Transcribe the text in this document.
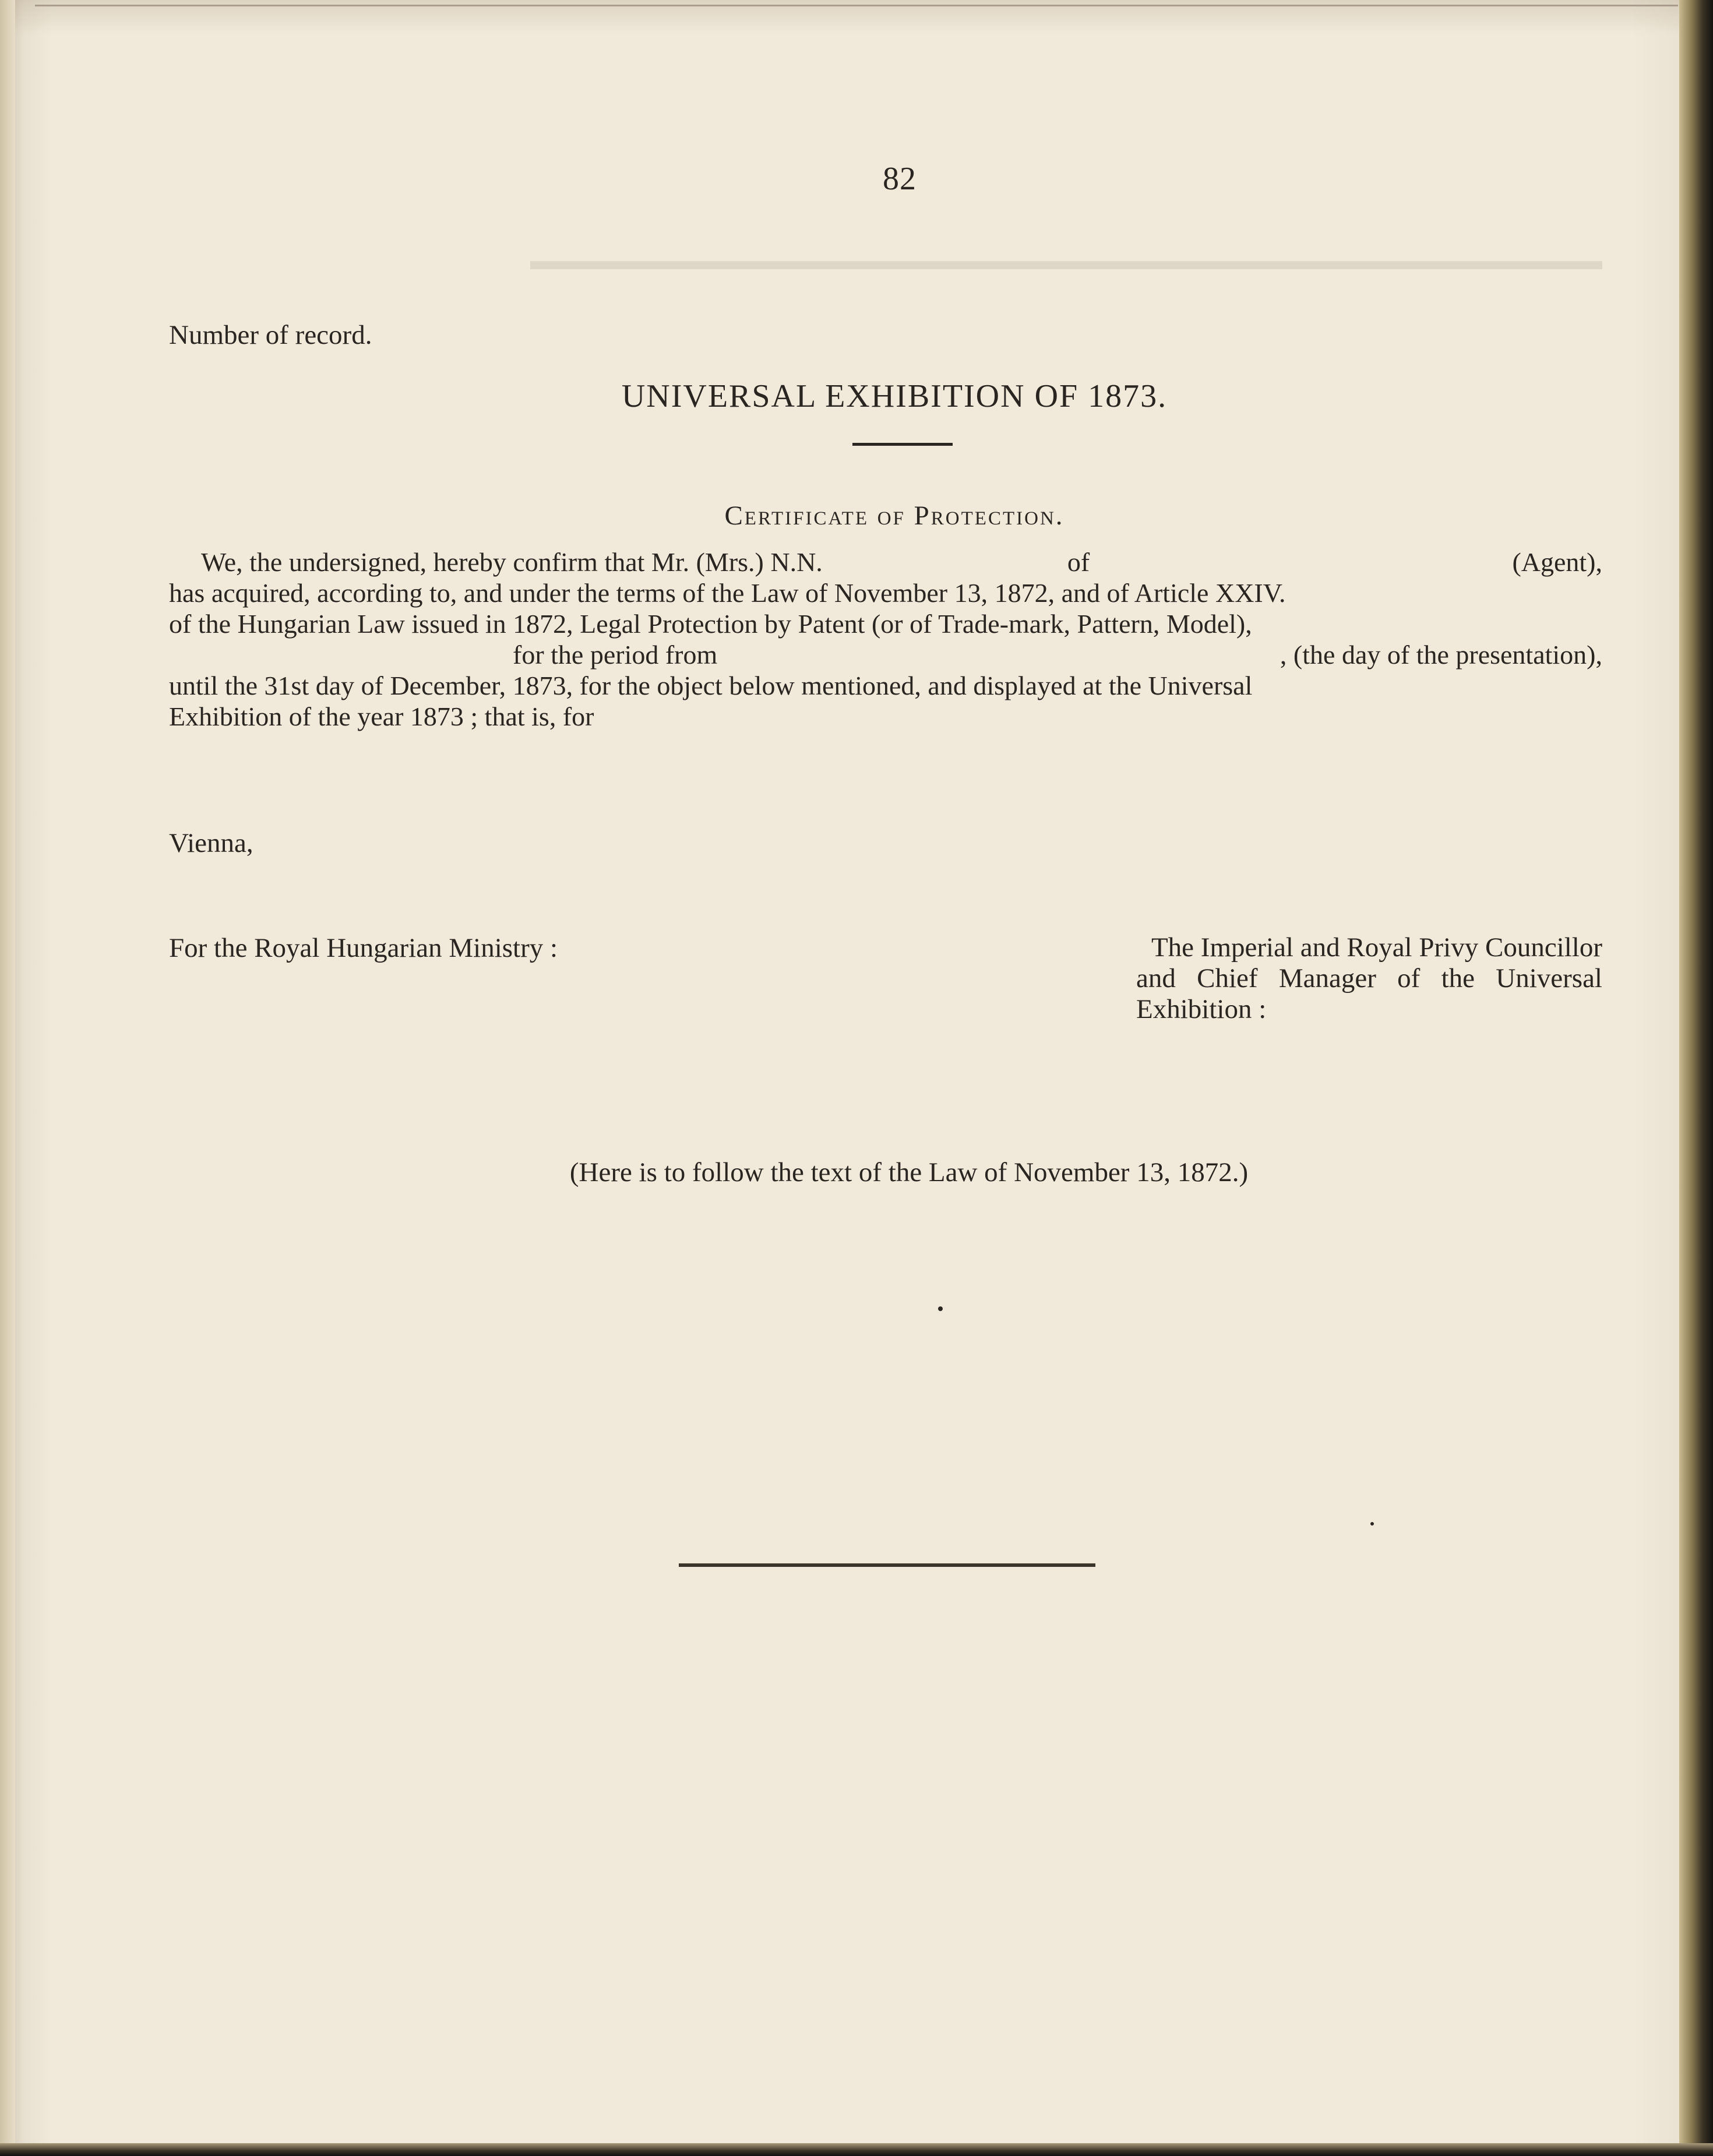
▬▬▬▬▬▬▬▬▬▬▬▬▬▬▬▬▬▬▬▬▬▬▬▬▬▬▬▬▬▬▬▬▬▬▬▬▬▬▬▬
82
Number of record.
UNIVERSAL EXHIBITION OF 1873.
Certificate of Protection.
We, the undersigned, hereby confirm that Mr. (Mrs.) N.N.	of	(Agent),
has acquired, according to, and under the terms of the Law of November 13, 1872, and of Article XXIV.
of the Hungarian Law issued in 1872, Legal Protection by Patent (or of Trade-mark, Pattern, Model),
for the period from	, (the day of the presentation),
until the 31st day of December, 1873, for the object below mentioned, and displayed at the Universal
Exhibition of the year 1873 ; that is, for
Vienna,
For the Royal Hungarian Ministry :	The Imperial and Royal Privy Councillor
and Chief Manager of the Universal
Exhibition :
(Here is to follow the text of the Law of November 13, 1872.)
